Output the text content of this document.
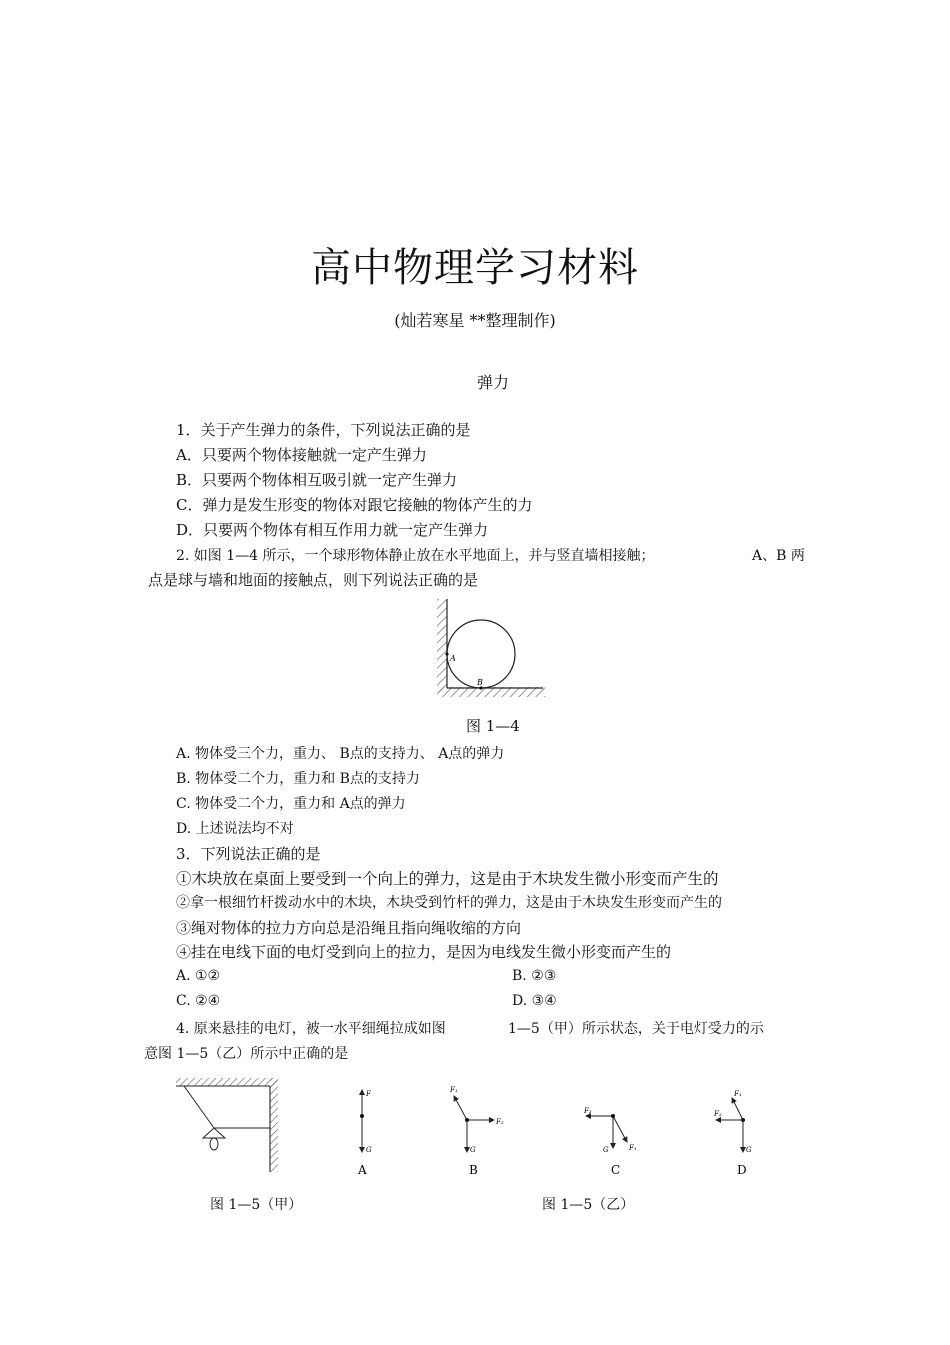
高中物理学习材料
(灿若寒星 **整理制作)
弹力
1．关于产生弹力的条件，下列说法正确的是
A．只要两个物体接触就一定产生弹力
B．只要两个物体相互吸引就一定产生弹力
C．弹力是发生形变的物体对跟它接触的物体产生的力
D．只要两个物体有相互作用力就一定产生弹力
2. 如图 1—4 所示，一个球形物体静止放在水平地面上，并与竖直墙相接触；	A、B 两
点是球与墙和地面的接触点，则下列说法正确的是
A
B
图 1—4
A. 物体受三个力，重力、 B点的支持力、 A点的弹力
B. 物体受二个力，重力和 B点的支持力
C. 物体受二个力，重力和 A点的弹力
D. 上述说法均不对
3．下列说法正确的是
①木块放在桌面上要受到一个向上的弹力，这是由于木块发生微小形变而产生的
②拿一根细竹杆拨动水中的木块，木块受到竹杆的弹力，这是由于木块发生形变而产生的
③绳对物体的拉力方向总是沿绳且指向绳收缩的方向
④挂在电线下面的电灯受到向上的拉力，是因为电线发生微小形变而产生的
A. ①②	B. ②③
C. ②④	D. ③④
4. 原来悬挂的电灯，被一水平细绳拉成如图	1—5（甲）所示状态，关于电灯受力的示
意图 1—5（乙）所示中正确的是
F
G
A
F₁
F₂
G
B
F₂
G	F₁
C
F₂
G
F₁
D
图 1—5（甲）	图 1—5（乙）
